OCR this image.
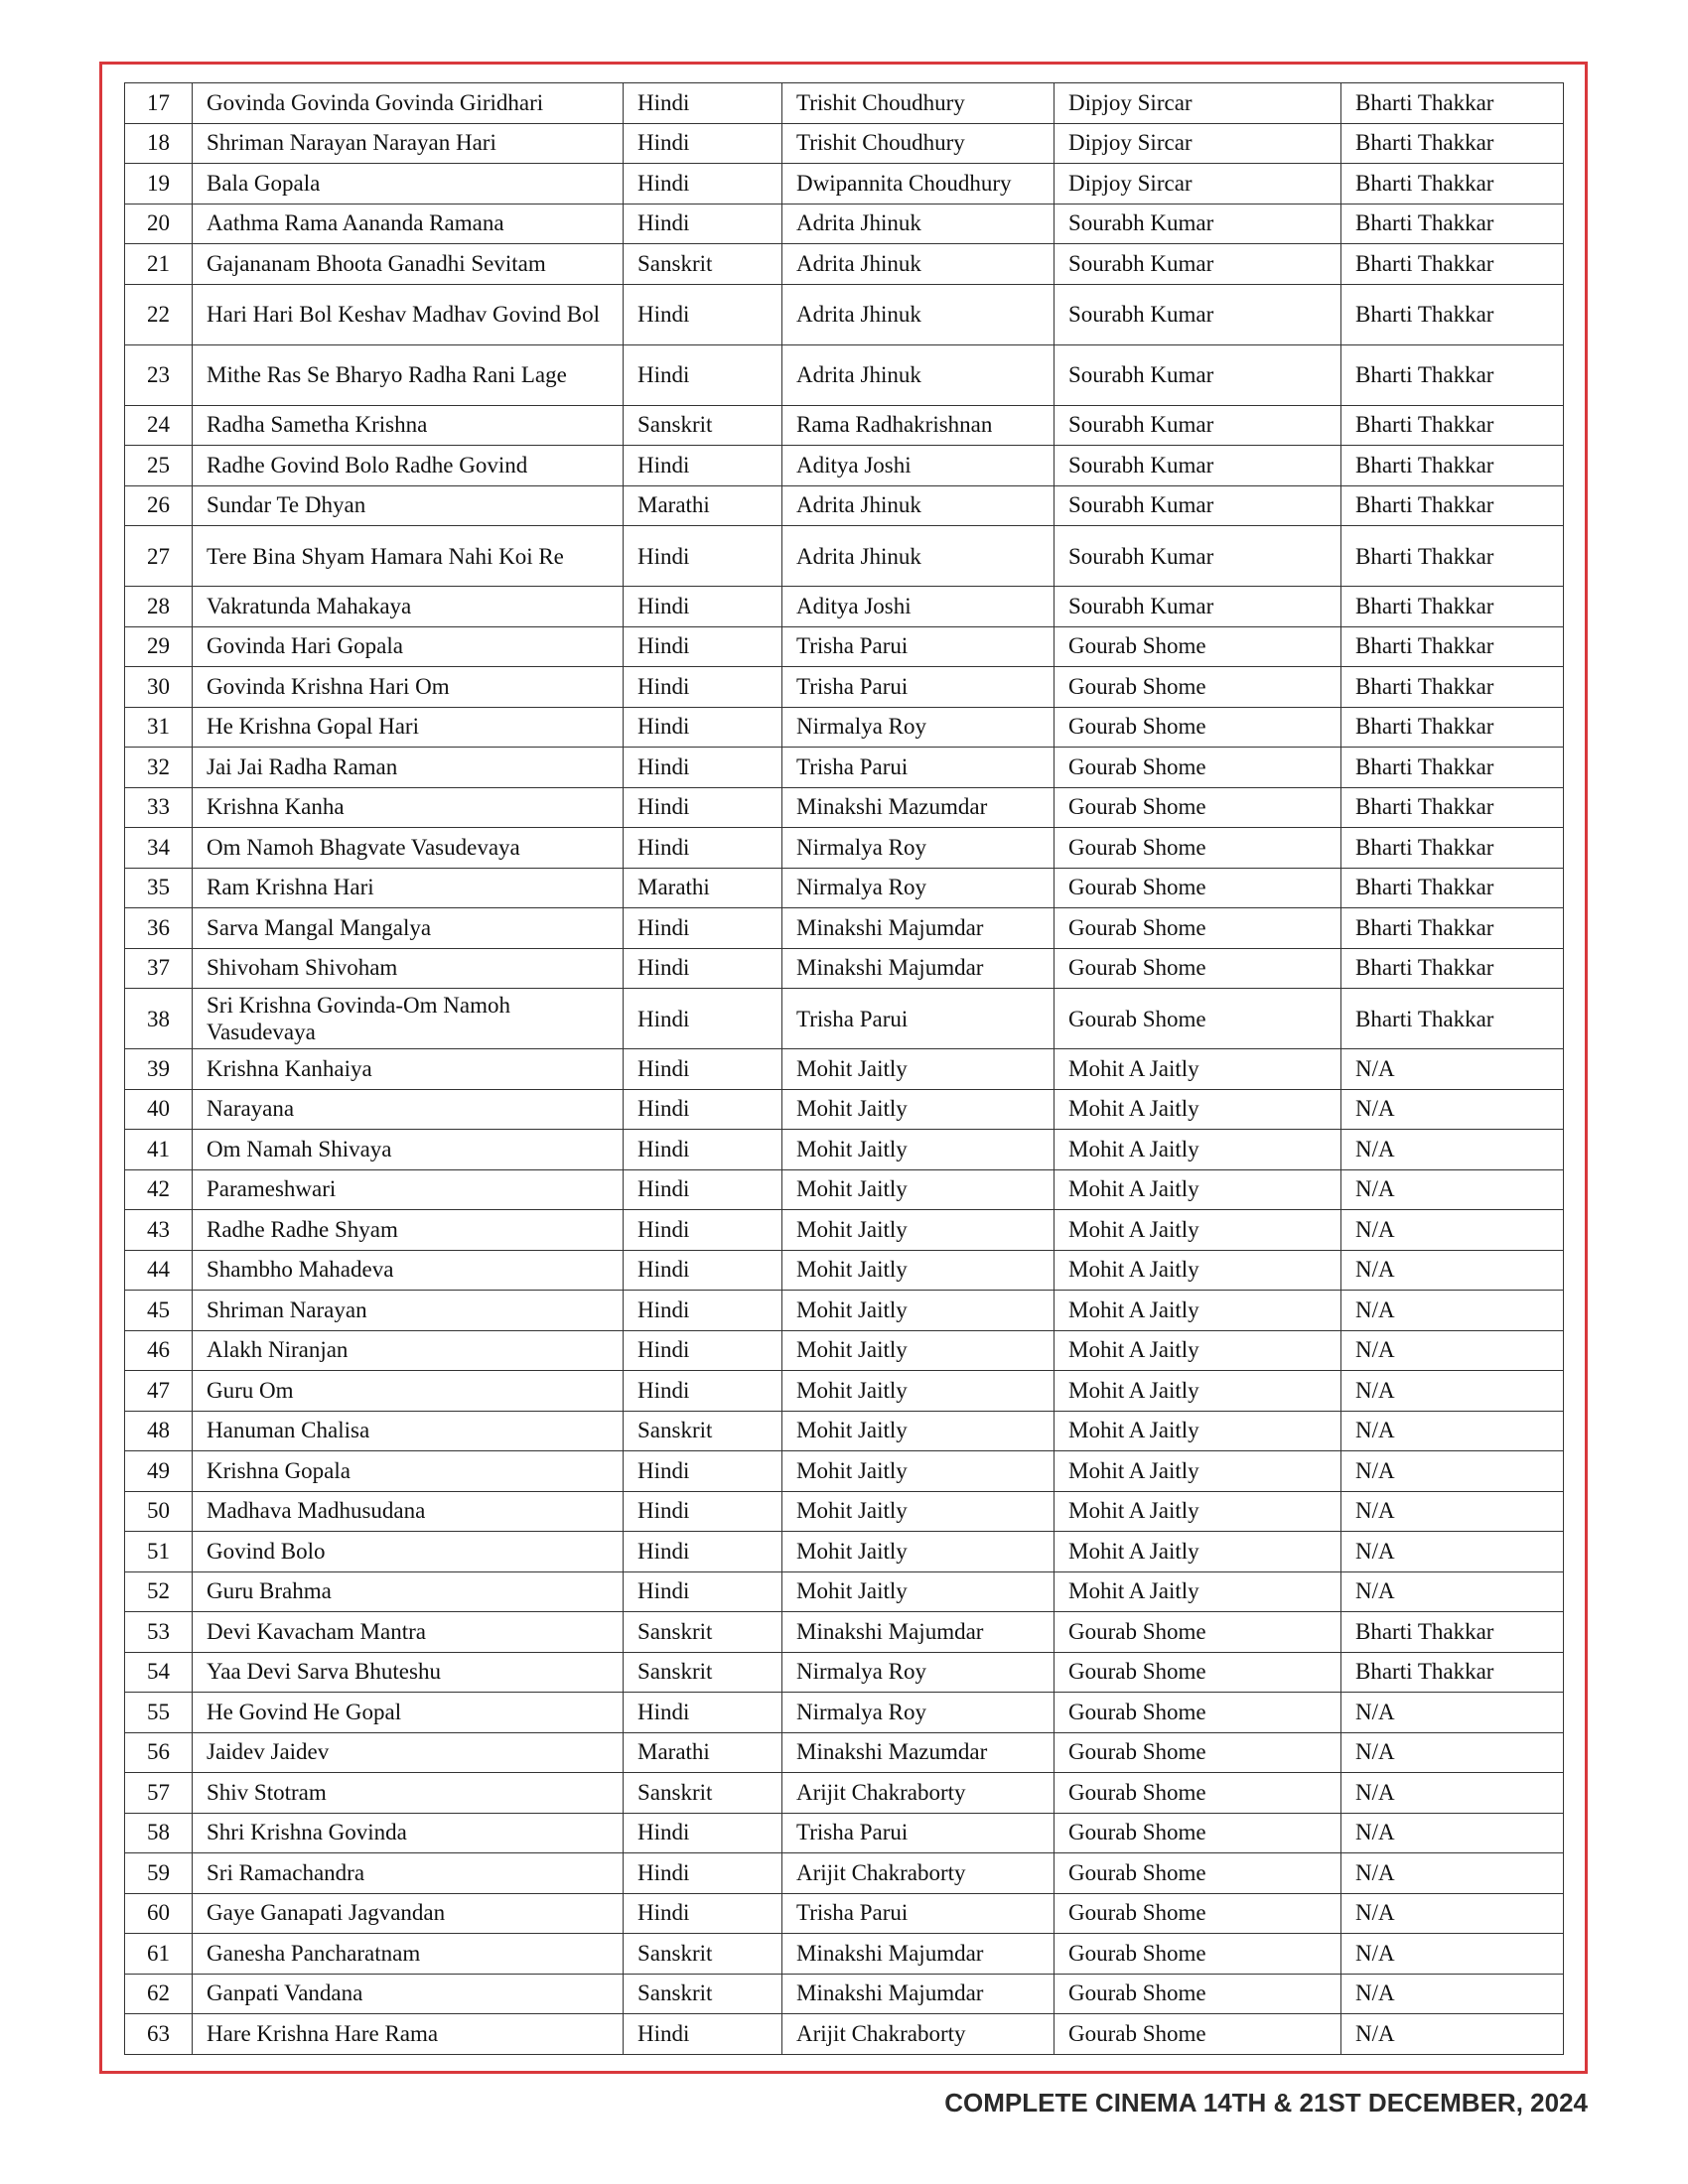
17	Govinda Govinda Govinda Giridhari	Hindi	Trishit Choudhury	Dipjoy Sircar	Bharti Thakkar
18	Shriman Narayan Narayan Hari	Hindi	Trishit Choudhury	Dipjoy Sircar	Bharti Thakkar
19	Bala Gopala	Hindi	Dwipannita Choudhury	Dipjoy Sircar	Bharti Thakkar
20	Aathma Rama Aananda Ramana	Hindi	Adrita Jhinuk	Sourabh Kumar	Bharti Thakkar
21	Gajananam Bhoota Ganadhi Sevitam	Sanskrit	Adrita Jhinuk	Sourabh Kumar	Bharti Thakkar
22	Hari Hari Bol Keshav Madhav Govind Bol	Hindi	Adrita Jhinuk	Sourabh Kumar	Bharti Thakkar
23	Mithe Ras Se Bharyo Radha Rani Lage	Hindi	Adrita Jhinuk	Sourabh Kumar	Bharti Thakkar
24	Radha Sametha Krishna	Sanskrit	Rama Radhakrishnan	Sourabh Kumar	Bharti Thakkar
25	Radhe Govind Bolo Radhe Govind	Hindi	Aditya Joshi	Sourabh Kumar	Bharti Thakkar
26	Sundar Te Dhyan	Marathi	Adrita Jhinuk	Sourabh Kumar	Bharti Thakkar
27	Tere Bina Shyam Hamara Nahi Koi Re	Hindi	Adrita Jhinuk	Sourabh Kumar	Bharti Thakkar
28	Vakratunda Mahakaya	Hindi	Aditya Joshi	Sourabh Kumar	Bharti Thakkar
29	Govinda Hari Gopala	Hindi	Trisha Parui	Gourab Shome	Bharti Thakkar
30	Govinda Krishna Hari Om	Hindi	Trisha Parui	Gourab Shome	Bharti Thakkar
31	He Krishna Gopal Hari	Hindi	Nirmalya Roy	Gourab Shome	Bharti Thakkar
32	Jai Jai Radha Raman	Hindi	Trisha Parui	Gourab Shome	Bharti Thakkar
33	Krishna Kanha	Hindi	Minakshi Mazumdar	Gourab Shome	Bharti Thakkar
34	Om Namoh Bhagvate Vasudevaya	Hindi	Nirmalya Roy	Gourab Shome	Bharti Thakkar
35	Ram Krishna Hari	Marathi	Nirmalya Roy	Gourab Shome	Bharti Thakkar
36	Sarva Mangal Mangalya	Hindi	Minakshi Majumdar	Gourab Shome	Bharti Thakkar
37	Shivoham Shivoham	Hindi	Minakshi Majumdar	Gourab Shome	Bharti Thakkar
38	Sri Krishna Govinda-Om Namoh Vasudevaya	Hindi	Trisha Parui	Gourab Shome	Bharti Thakkar
39	Krishna Kanhaiya	Hindi	Mohit Jaitly	Mohit A Jaitly	N/A
40	Narayana	Hindi	Mohit Jaitly	Mohit A Jaitly	N/A
41	Om Namah Shivaya	Hindi	Mohit Jaitly	Mohit A Jaitly	N/A
42	Parameshwari	Hindi	Mohit Jaitly	Mohit A Jaitly	N/A
43	Radhe Radhe Shyam	Hindi	Mohit Jaitly	Mohit A Jaitly	N/A
44	Shambho Mahadeva	Hindi	Mohit Jaitly	Mohit A Jaitly	N/A
45	Shriman Narayan	Hindi	Mohit Jaitly	Mohit A Jaitly	N/A
46	Alakh Niranjan	Hindi	Mohit Jaitly	Mohit A Jaitly	N/A
47	Guru Om	Hindi	Mohit Jaitly	Mohit A Jaitly	N/A
48	Hanuman Chalisa	Sanskrit	Mohit Jaitly	Mohit A Jaitly	N/A
49	Krishna Gopala	Hindi	Mohit Jaitly	Mohit A Jaitly	N/A
50	Madhava Madhusudana	Hindi	Mohit Jaitly	Mohit A Jaitly	N/A
51	Govind Bolo	Hindi	Mohit Jaitly	Mohit A Jaitly	N/A
52	Guru Brahma	Hindi	Mohit Jaitly	Mohit A Jaitly	N/A
53	Devi Kavacham Mantra	Sanskrit	Minakshi Majumdar	Gourab Shome	Bharti Thakkar
54	Yaa Devi Sarva Bhuteshu	Sanskrit	Nirmalya Roy	Gourab Shome	Bharti Thakkar
55	He Govind He Gopal	Hindi	Nirmalya Roy	Gourab Shome	N/A
56	Jaidev Jaidev	Marathi	Minakshi Mazumdar	Gourab Shome	N/A
57	Shiv Stotram	Sanskrit	Arijit Chakraborty	Gourab Shome	N/A
58	Shri Krishna Govinda	Hindi	Trisha Parui	Gourab Shome	N/A
59	Sri Ramachandra	Hindi	Arijit Chakraborty	Gourab Shome	N/A
60	Gaye Ganapati Jagvandan	Hindi	Trisha Parui	Gourab Shome	N/A
61	Ganesha Pancharatnam	Sanskrit	Minakshi Majumdar	Gourab Shome	N/A
62	Ganpati Vandana	Sanskrit	Minakshi Majumdar	Gourab Shome	N/A
63	Hare Krishna Hare Rama	Hindi	Arijit Chakraborty	Gourab Shome	N/A
COMPLETE CINEMA 14TH & 21ST DECEMBER, 2024
